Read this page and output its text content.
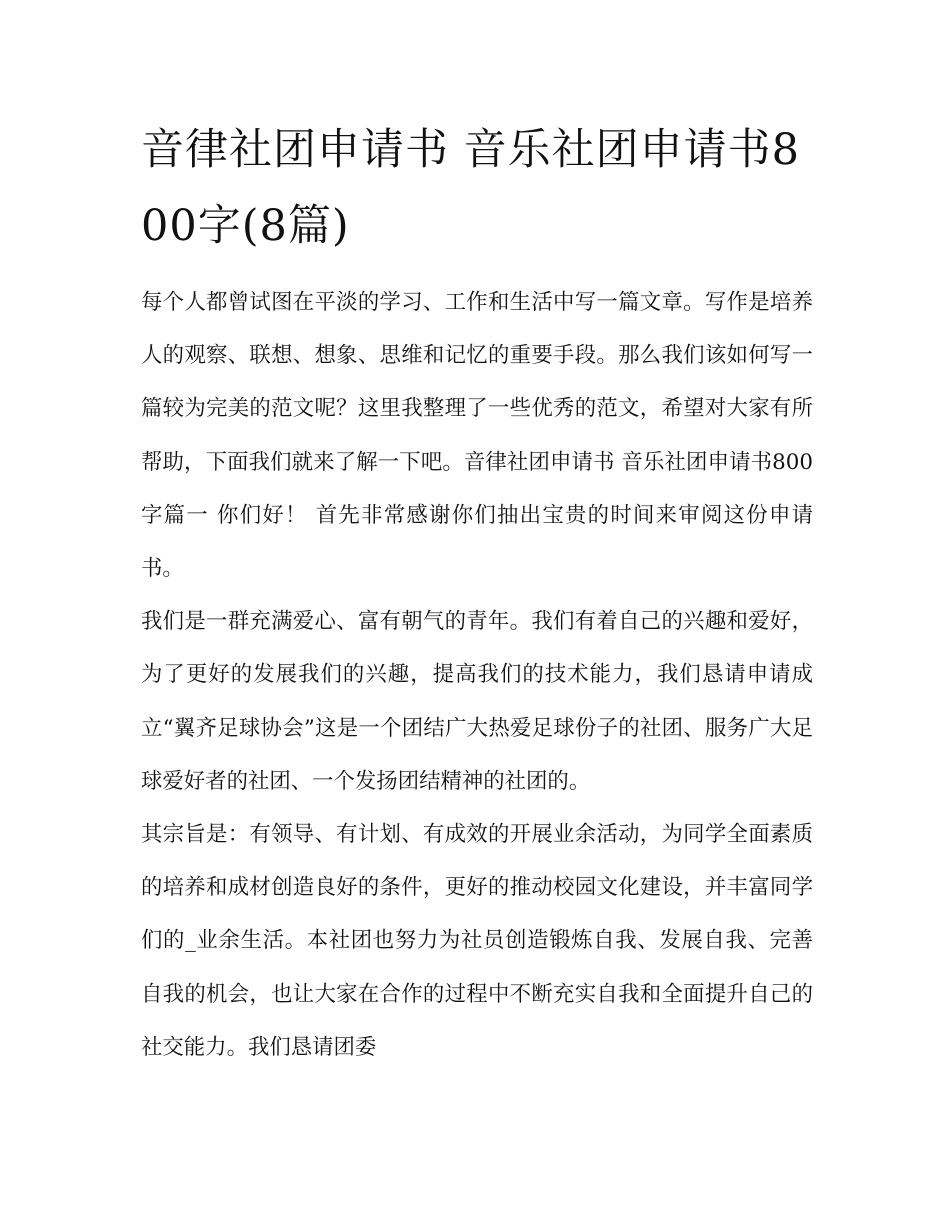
音律社团申请书 音乐社团申请书800字(8篇)

每个人都曾试图在平淡的学习、工作和生活中写一篇文章。写作是培养人的观察、联想、想象、思维和记忆的重要手段。那么我们该如何写一篇较为完美的范文呢？这里我整理了一些优秀的范文，希望对大家有所帮助，下面我们就来了解一下吧。音律社团申请书 音乐社团申请书800字篇一 你们好！ 首先非常感谢你们抽出宝贵的时间来审阅这份申请书。

我们是一群充满爱心、富有朝气的青年。我们有着自己的兴趣和爱好，为了更好的发展我们的兴趣，提高我们的技术能力，我们恳请申请成立“翼齐足球协会”这是一个团结广大热爱足球份子的社团、服务广大足球爱好者的社团、一个发扬团结精神的社团的。

其宗旨是：有领导、有计划、有成效的开展业余活动，为同学全面素质的培养和成材创造良好的条件，更好的推动校园文化建设，并丰富同学们的_业余生活。本社团也努力为社员创造锻炼自我、发展自我、完善自我的机会，也让大家在合作的过程中不断充实自我和全面提升自己的社交能力。我们恳请团委
